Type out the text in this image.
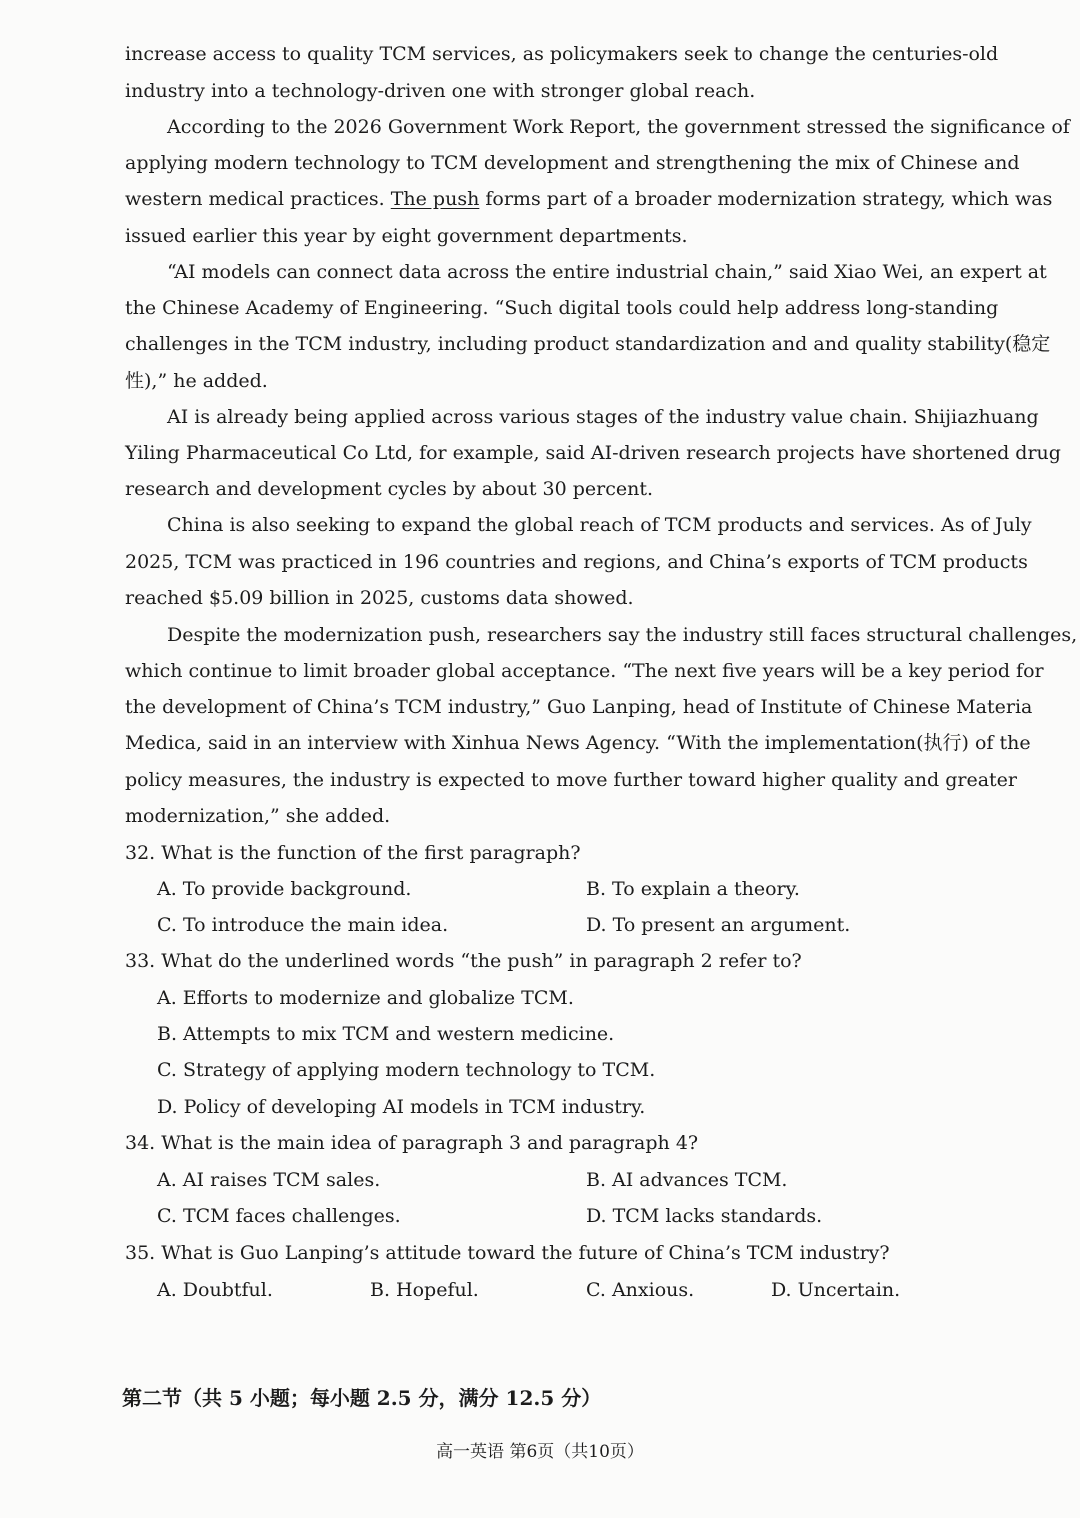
increase access to quality TCM services, as policymakers seek to change the centuries-old
industry into a technology-driven one with stronger global reach.
According to the 2026 Government Work Report, the government stressed the significance of
applying modern technology to TCM development and strengthening the mix of Chinese and
western medical practices. The push forms part of a broader modernization strategy, which was
issued earlier this year by eight government departments.
“AI models can connect data across the entire industrial chain,” said Xiao Wei, an expert at
the Chinese Academy of Engineering. “Such digital tools could help address long-standing
challenges in the TCM industry, including product standardization and and quality stability(稳定
性),” he added.
AI is already being applied across various stages of the industry value chain. Shijiazhuang
Yiling Pharmaceutical Co Ltd, for example, said AI-driven research projects have shortened drug
research and development cycles by about 30 percent.
China is also seeking to expand the global reach of TCM products and services. As of July
2025, TCM was practiced in 196 countries and regions, and China’s exports of TCM products
reached $5.09 billion in 2025, customs data showed.
Despite the modernization push, researchers say the industry still faces structural challenges,
which continue to limit broader global acceptance. “The next five years will be a key period for
the development of China’s TCM industry,” Guo Lanping, head of Institute of Chinese Materia
Medica, said in an interview with Xinhua News Agency. “With the implementation(执行) of the
policy measures, the industry is expected to move further toward higher quality and greater
modernization,” she added.
32. What is the function of the first paragraph?
A. To provide background.	B. To explain a theory.
C. To introduce the main idea.	D. To present an argument.
33. What do the underlined words “the push” in paragraph 2 refer to?
A. Efforts to modernize and globalize TCM.
B. Attempts to mix TCM and western medicine.
C. Strategy of applying modern technology to TCM.
D. Policy of developing AI models in TCM industry.
34. What is the main idea of paragraph 3 and paragraph 4?
A. AI raises TCM sales.	B. AI advances TCM.
C. TCM faces challenges.	D. TCM lacks standards.
35. What is Guo Lanping’s attitude toward the future of China’s TCM industry?
A. Doubtful.	B. Hopeful.	C. Anxious.	D. Uncertain.
第二节（共 5 小题；每小题 2.5 分，满分 12.5 分）
高一英语 第6页（共10页）
